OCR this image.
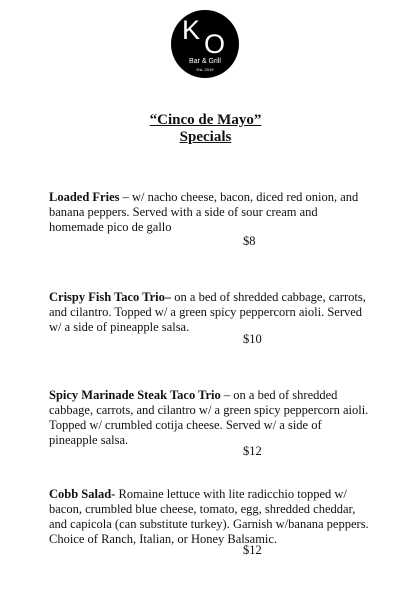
K O
Bar & Grill
Est. 2019
“Cinco de Mayo”
Specials
Loaded Fries – w/ nacho cheese, bacon, diced red onion, and banana peppers. Served with a side of sour cream and homemade pico de gallo
$8
Crispy Fish Taco Trio– on a bed of shredded cabbage, carrots, and cilantro. Topped w/ a green spicy peppercorn aioli. Served w/ a side of pineapple salsa.
$10
Spicy Marinade Steak Taco Trio – on a bed of shredded cabbage, carrots, and cilantro w/ a green spicy peppercorn aioli. Topped w/ crumbled cotija cheese. Served w/ a side of pineapple salsa.
$12
Cobb Salad- Romaine lettuce with lite radicchio topped w/ bacon, crumbled blue cheese, tomato, egg, shredded cheddar, and capicola (can substitute turkey). Garnish w/banana peppers. Choice of Ranch, Italian, or Honey Balsamic.
$12
